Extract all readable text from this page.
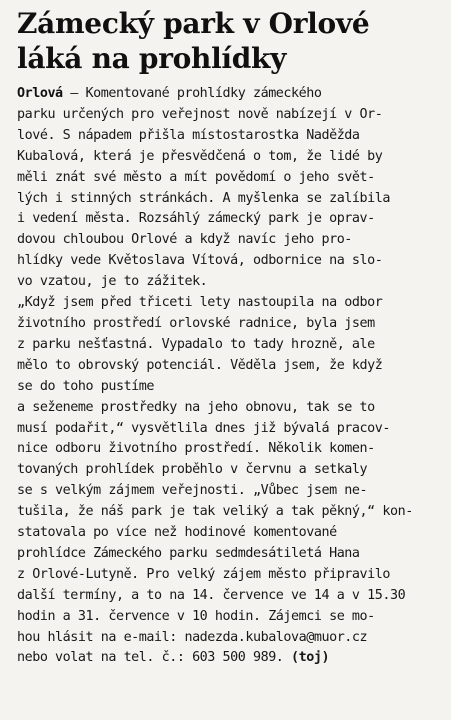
Zámecký park v Orlové
láká na prohlídky
Orlová – Komentované prohlídky zámeckého
parku určených pro veřejnost nově nabízejí v Or-
lové. S nápadem přišla místostarostka Naděžda
Kubalová, která je přesvědčená o tom, že lidé by
měli znát své město a mít povědomí o jeho svět-
lých i stinných stránkách. A myšlenka se zalíbila
i vedení města. Rozsáhlý zámecký park je oprav-
dovou chloubou Orlové a když navíc jeho pro-
hlídky vede Květoslava Vítová, odbornice na slo-
vo vzatou, je to zážitek.
„Když jsem před třiceti lety nastoupila na odbor
životního prostředí orlovské radnice, byla jsem
z parku nešťastná. Vypadalo to tady hrozně, ale
mělo to obrovský potenciál. Věděla jsem, že když
se do toho pustíme
a seženeme prostředky na jeho obnovu, tak se to
musí podařit,“ vysvětlila dnes již bývalá pracov-
nice odboru životního prostředí. Několik komen-
tovaných prohlídek proběhlo v červnu a setkaly
se s velkým zájmem veřejnosti. „Vůbec jsem ne-
tušila, že náš park je tak veliký a tak pěkný,“ kon-
statovala po více než hodinové komentované
prohlídce Zámeckého parku sedmdesátiletá Hana
z Orlové-Lutyně. Pro velký zájem město připravilo
další termíny, a to na 14. července ve 14 a v 15.30
hodin a 31. července v 10 hodin. Zájemci se mo-
hou hlásit na e-mail: nadezda.kubalova@muor.cz
nebo volat na tel. č.: 603 500 989. (toj)
